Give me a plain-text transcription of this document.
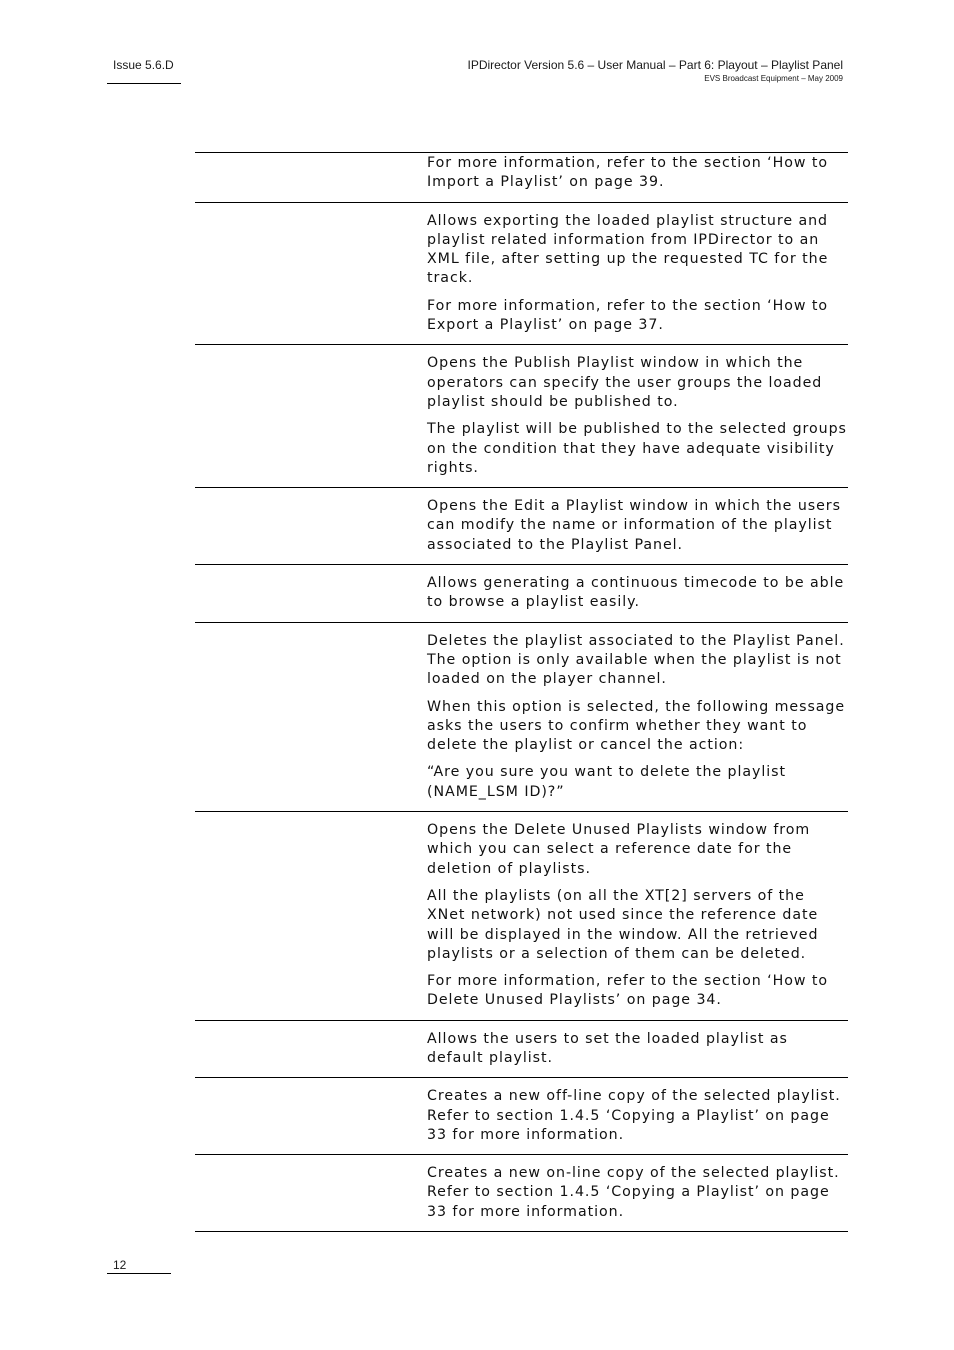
Issue 5.6.D	IPDirector Version 5.6 – User Manual – Part 6: Playout – Playlist Panel
EVS Broadcast Equipment – May 2009

For more information, refer to the section ‘How to Import a Playlist’ on page 39.

Allows exporting the loaded playlist structure and playlist related information from IPDirector to an XML file, after setting up the requested TC for the track.

For more information, refer to the section ‘How to Export a Playlist’ on page 37.

Opens the Publish Playlist window in which the operators can specify the user groups the loaded playlist should be published to.

The playlist will be published to the selected groups on the condition that they have adequate visibility rights.

Opens the Edit a Playlist window in which the users can modify the name or information of the playlist associated to the Playlist Panel.

Allows generating a continuous timecode to be able to browse a playlist easily.

Deletes the playlist associated to the Playlist Panel. The option is only available when the playlist is not loaded on the player channel.

When this option is selected, the following message asks the users to confirm whether they want to delete the playlist or cancel the action:

“Are you sure you want to delete the playlist (NAME_LSM ID)?”

Opens the Delete Unused Playlists window from which you can select a reference date for the deletion of playlists.

All the playlists (on all the XT[2] servers of the XNet network) not used since the reference date will be displayed in the window. All the retrieved playlists or a selection of them can be deleted.

For more information, refer to the section ‘How to Delete Unused Playlists’ on page 34.

Allows the users to set the loaded playlist as default playlist.

Creates a new off-line copy of the selected playlist. Refer to section 1.4.5 ‘Copying a Playlist’ on page 33 for more information.

Creates a new on-line copy of the selected playlist. Refer to section 1.4.5 ‘Copying a Playlist’ on page 33 for more information.

12
